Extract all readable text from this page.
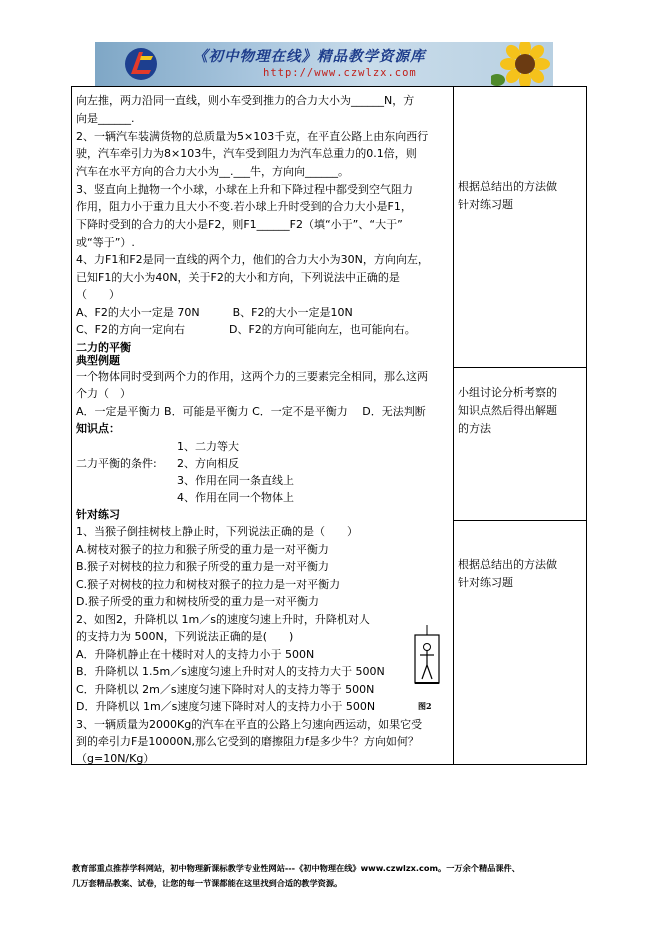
《初中物理在线》精品教学资源库
http://www.czwlzx.com
向左推，两力沿同一直线，则小车受到推力的合力大小为______N，方
向是______.
2、一辆汽车装满货物的总质量为5×103千克，在平直公路上由东向西行
驶，汽车牵引力为8×103牛，汽车受到阻力为汽车总重力的0.1倍，则
汽车在水平方向的合力大小为__.___牛，方向向______。
3、竖直向上抛物一个小球，小球在上升和下降过程中都受到空气阻力
作用，阻力小于重力且大小不变.若小球上升时受到的合力大小是F1，
下降时受到的合力的大小是F2，则F1______F2（填“小于”、“大于”
或“等于”）.
4、力F1和F2是同一直线的两个力，他们的合力大小为30N，方向向左，
已知F1的大小为40N，关于F2的大小和方向，下列说法中正确的是
（　　）
A、F2的大小一定是 70N　　　B、F2的大小一定是10N
C、F2的方向一定向右　　　　D、F2的方向可能向左，也可能向右。
二力的平衡
典型例题
一个物体同时受到两个力的作用，这两个力的三要素完全相同，那么这两
个力（　）
A．一定是平衡力 B．可能是平衡力 C．一定不是平衡力　 D．无法判断
知识点：
1、二力等大
二力平衡的条件: 2、方向相反
3、作用在同一条直线上
4、作用在同一个物体上
针对练习
1、当猴子倒挂树枝上静止时，下列说法正确的是（　　）
A.树枝对猴子的拉力和猴子所受的重力是一对平衡力
B.猴子对树枝的拉力和猴子所受的重力是一对平衡力
C.猴子对树枝的拉力和树枝对猴子的拉力是一对平衡力
D.猴子所受的重力和树枝所受的重力是一对平衡力
2、如图2，升降机以 1m／s的速度匀速上升时，升降机对人
的支持力为 500N，下列说法正确的是(　　)
A．升降机静止在十楼时对人的支持力小于 500N
B．升降机以 1.5m／s速度匀速上升时对人的支持力大于 500N
C．升降机以 2m／s速度匀速下降时对人的支持力等于 500N
D．升降机以 1m／s速度匀速下降时对人的支持力小于 500N
3、一辆质量为2000Kg的汽车在平直的公路上匀速向西运动，如果它受
到的牵引力F是10000N,那么它受到的磨擦阻力f是多少牛？方向如何？
（g=10N/Kg）
图2
根据总结出的方法做
针对练习题
小组讨论分析考察的
知识点然后得出解题
的方法
根据总结出的方法做
针对练习题
教育部重点推荐学科网站，初中物理新课标教学专业性网站---《初中物理在线》www.czwlzx.com。一万余个精品课件、
几万套精品教案、试卷，让您的每一节课都能在这里找到合适的教学资源。
